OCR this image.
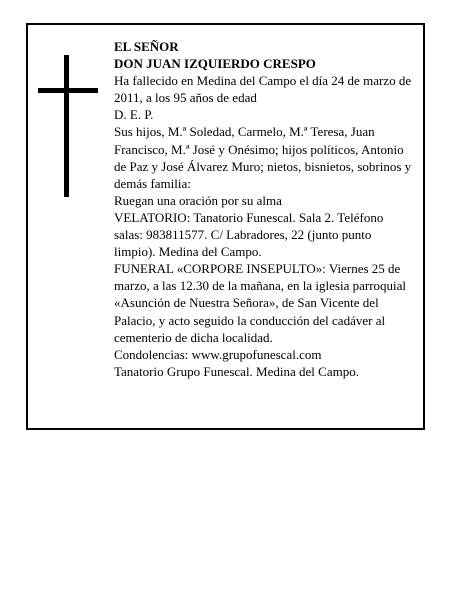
EL SEÑOR

DON JUAN IZQUIERDO CRESPO

Ha fallecido en Medina del Campo el día 24 de marzo de 2011, a los 95 años de edad

D. E. P.

Sus hijos, M.ª Soledad, Carmelo, M.ª Teresa, Juan Francisco, M.ª José y Onésimo; hijos políticos, Antonio de Paz y José Álvarez Muro; nietos, bisnietos, sobrinos y demás familia:

Ruegan una oración por su alma

VELATORIO: Tanatorio Funescal. Sala 2. Teléfono salas: 983811577. C/ Labradores, 22 (junto punto limpio). Medina del Campo.

FUNERAL «CORPORE INSEPULTO»: Viernes 25 de marzo, a las 12.30 de la mañana, en la iglesia parroquial «Asunción de Nuestra Señora», de San Vicente del Palacio, y acto seguido la conducción del cadáver al cementerio de dicha localidad.

Condolencias: www.grupofunescal.com

Tanatorio Grupo Funescal. Medina del Campo.
